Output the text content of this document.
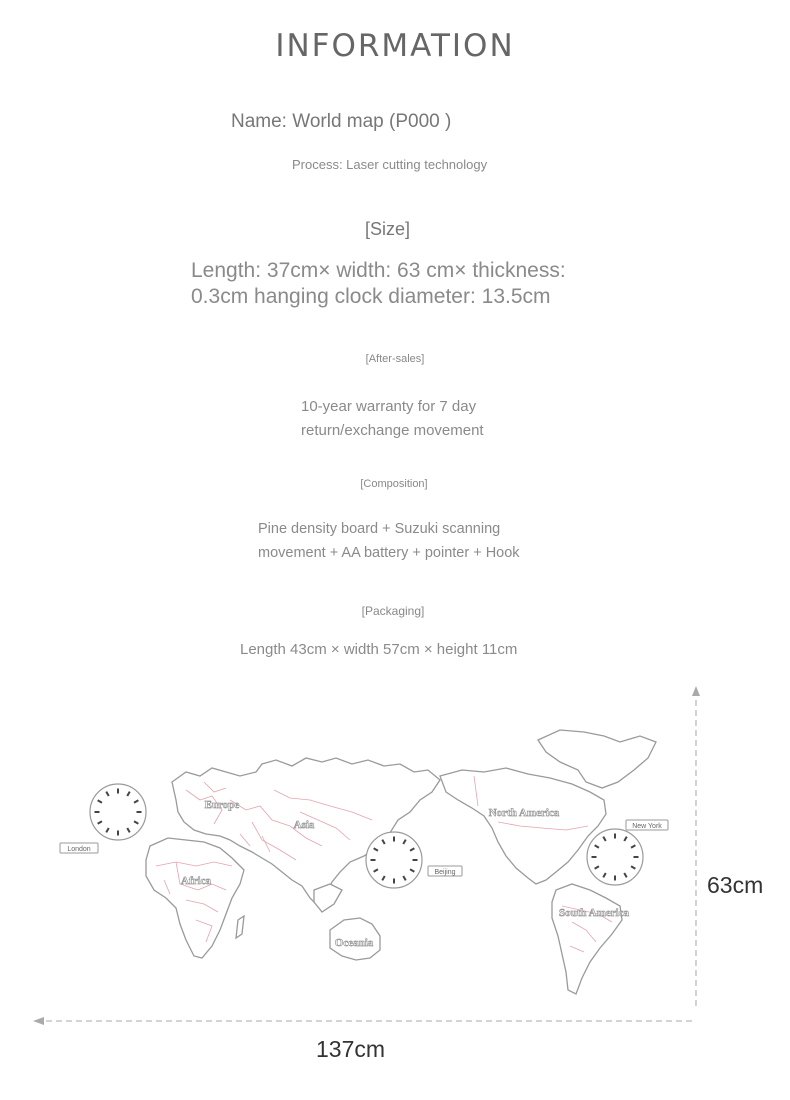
INFORMATION
Name: World map (P000 )
Process: Laser cutting technology
[Size]
Length: 37cm× width: 63 cm× thickness:
0.3cm hanging clock diameter: 13.5cm
[After-sales]
10-year warranty for 7 day
return/exchange movement
[Composition]
Pine density board + Suzuki scanning
movement + AA battery + pointer + Hook
[Packaging]
Length 43cm × width 57cm × height 11cm
London
Beijing
New York
Europe
Asia
Africa
Oceania
North America
South America
63cm
137cm
